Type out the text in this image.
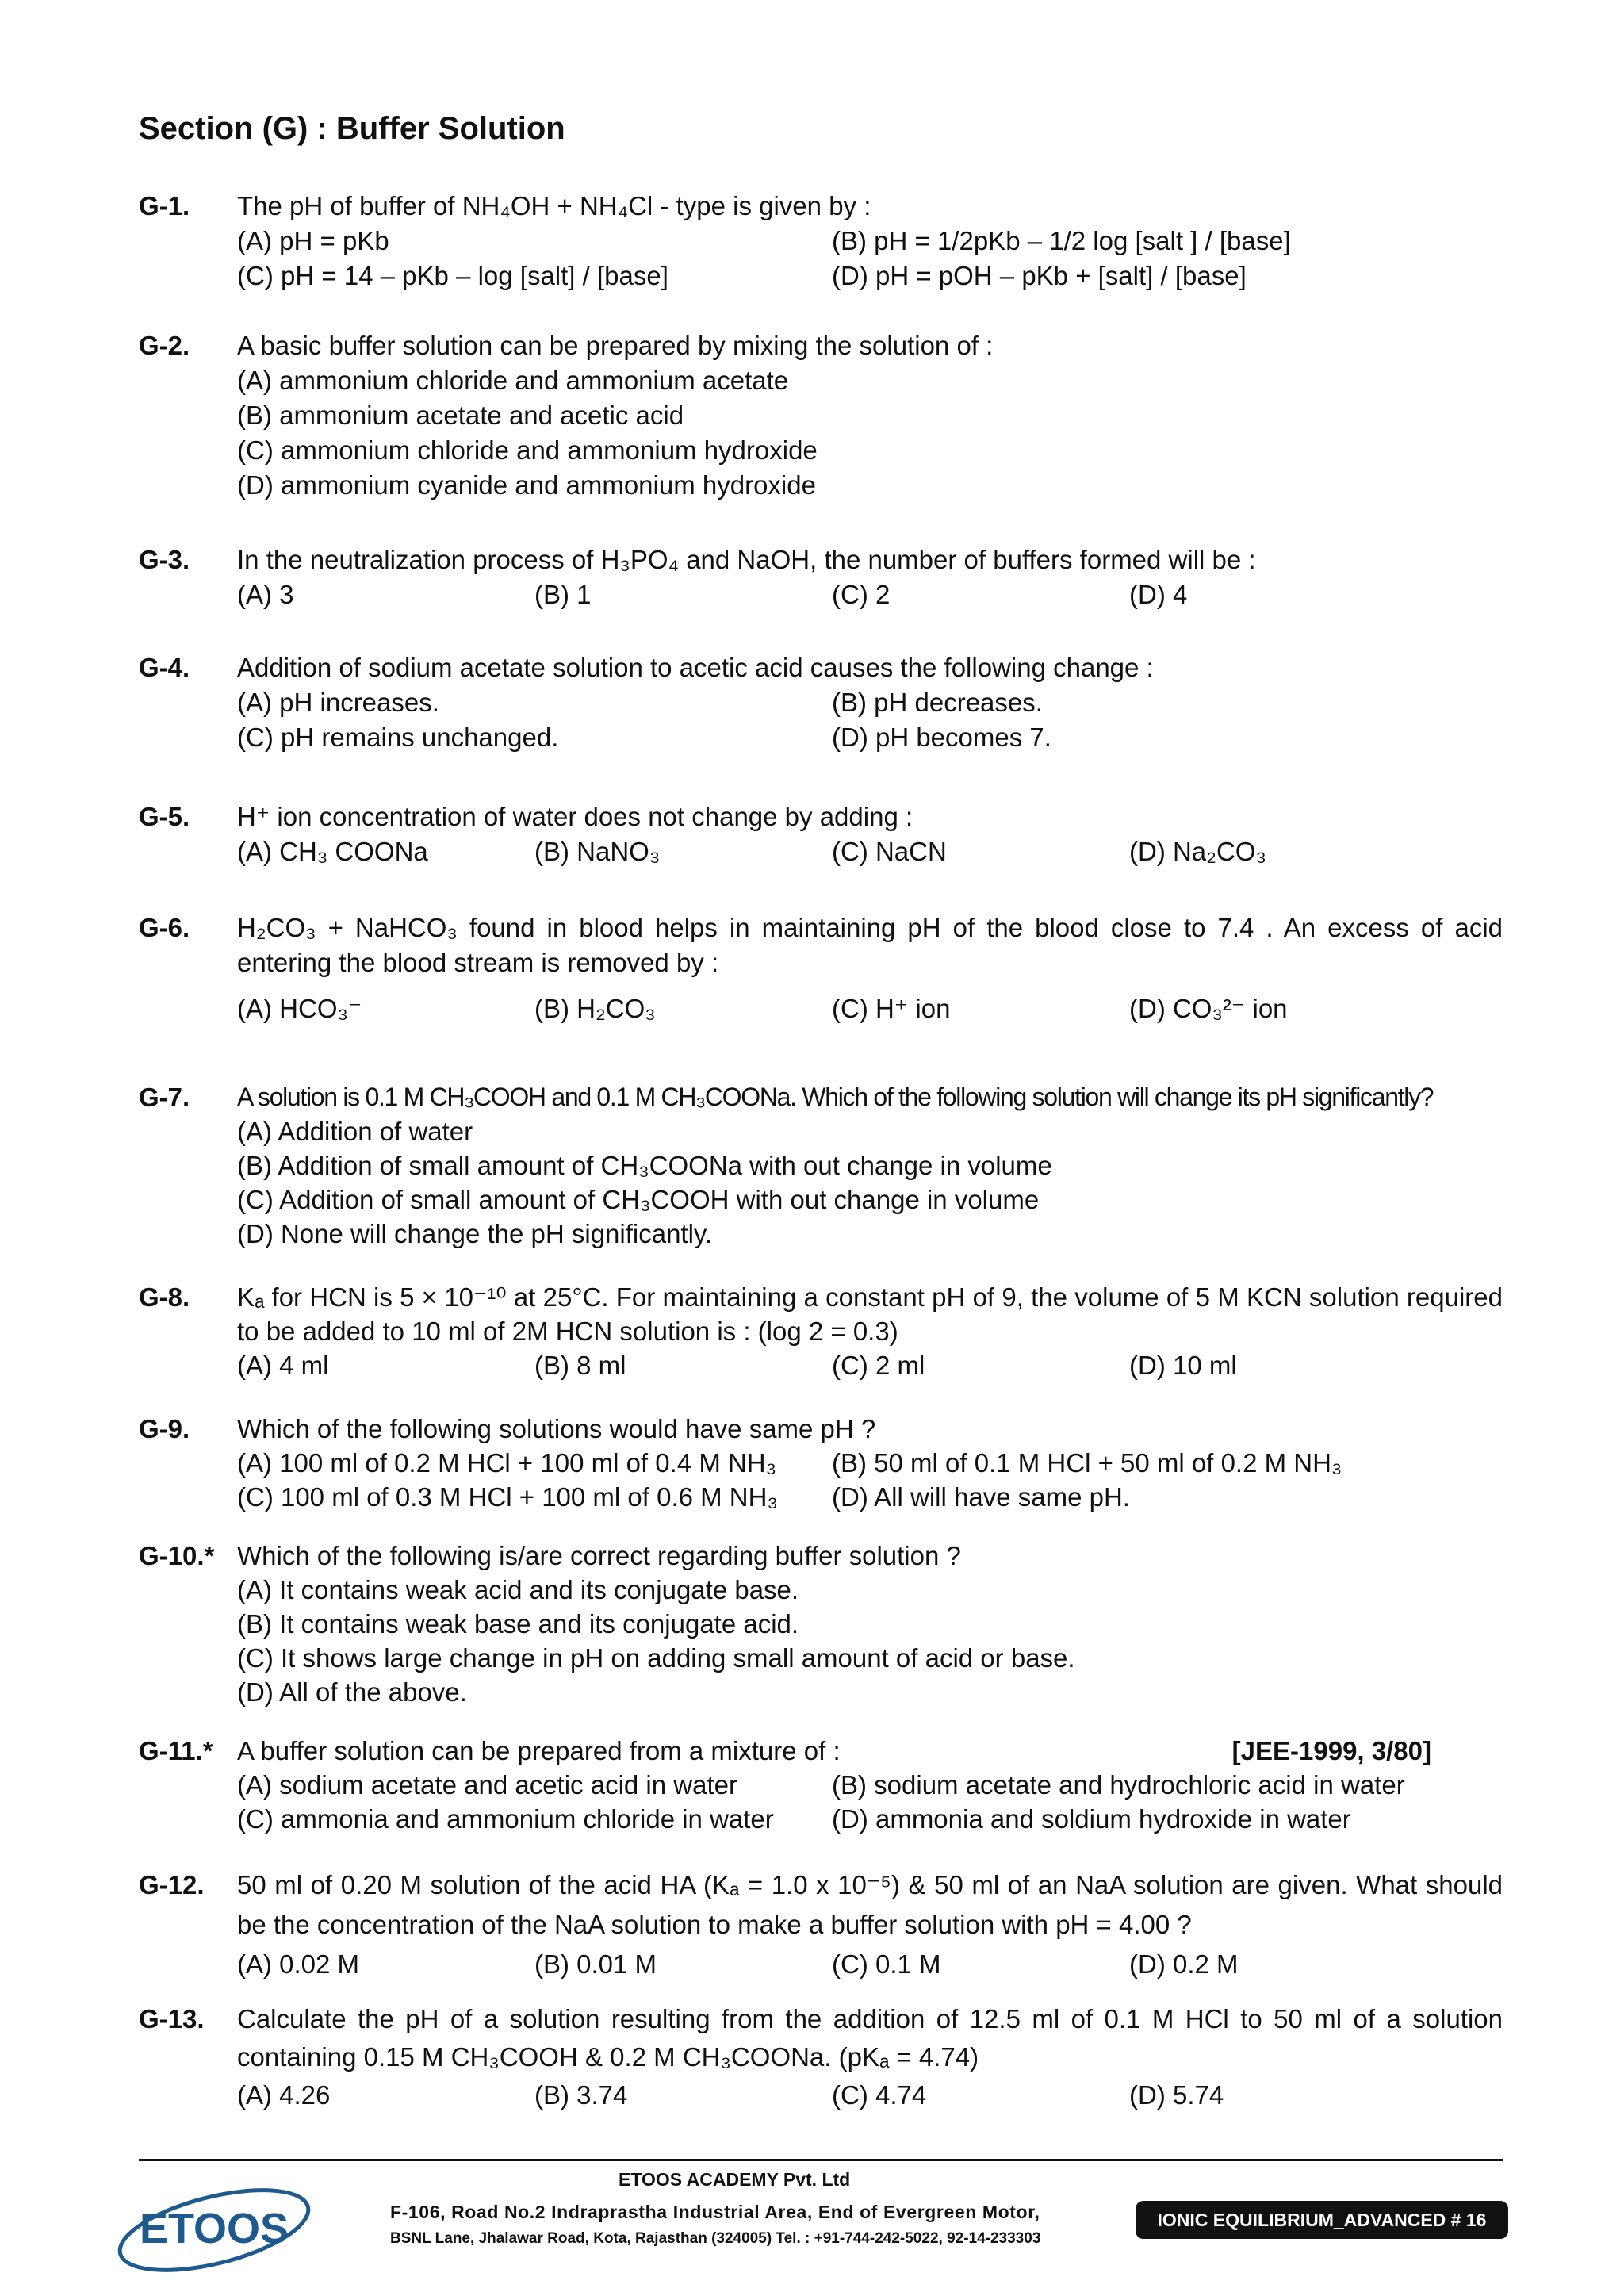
Section (G) : Buffer Solution
G-1. The pH of buffer of NH₄OH + NH₄Cl - type is given by :
(A) pH = pKb	(B) pH = 1/2pKb – 1/2 log [salt ] / [base]
(C) pH = 14 – pKb – log [salt] / [base]	(D) pH = pOH – pKb + [salt] / [base]
G-2. A basic buffer solution can be prepared by mixing the solution of :
(A) ammonium chloride and ammonium acetate
(B) ammonium acetate and acetic acid
(C) ammonium chloride and ammonium hydroxide
(D) ammonium cyanide and ammonium hydroxide
G-3. In the neutralization process of H₃PO₄ and NaOH, the number of buffers formed will be :
(A) 3	(B) 1	(C) 2	(D) 4
G-4. Addition of sodium acetate solution to acetic acid causes the following change :
(A) pH increases.	(B) pH decreases.
(C) pH remains unchanged.	(D) pH becomes 7.
G-5. H⁺ ion concentration of water does not change by adding :
(A) CH₃ COONa	(B) NaNO₃	(C) NaCN	(D) Na₂CO₃
G-6. H₂CO₃ + NaHCO₃ found in blood helps in maintaining pH of the blood close to 7.4 . An excess of acid entering the blood stream is removed by :
(A) HCO₃⁻	(B) H₂CO₃	(C) H⁺ ion	(D) CO₃²⁻ ion
G-7. A solution is 0.1 M CH₃COOH and 0.1 M CH₃COONa. Which of the following solution will change its pH significantly?
(A) Addition of water
(B) Addition of small amount of CH₃COONa with out change in volume
(C) Addition of small amount of CH₃COOH with out change in volume
(D) None will change the pH significantly.
G-8. Kₐ for HCN is 5 × 10⁻¹⁰ at 25°C. For maintaining a constant pH of 9, the volume of 5 M KCN solution required to be added to 10 ml of 2M HCN solution is : (log 2 = 0.3)
(A) 4 ml	(B) 8 ml	(C) 2 ml	(D) 10 ml
G-9. Which of the following solutions would have same pH ?
(A) 100 ml of 0.2 M HCl + 100 ml of 0.4 M NH₃	(B) 50 ml of 0.1 M HCl + 50 ml of 0.2 M NH₃
(C) 100 ml of 0.3 M HCl + 100 ml of 0.6 M NH₃	(D) All will have same pH.
G-10.* Which of the following is/are correct regarding buffer solution ?
(A) It contains weak acid and its conjugate base.
(B) It contains weak base and its conjugate acid.
(C) It shows large change in pH on adding small amount of acid or base.
(D) All of the above.
G-11.*	[JEE-1999, 3/80]
A buffer solution can be prepared from a mixture of :
(A) sodium acetate and acetic acid in water	(B) sodium acetate and hydrochloric acid in water
(C) ammonia and ammonium chloride in water	(D) ammonia and soldium hydroxide in water
G-12. 50 ml of 0.20 M solution of the acid HA (Kₐ = 1.0 x 10⁻⁵) & 50 ml of an NaA solution are given. What should be the concentration of the NaA solution to make a buffer solution with pH = 4.00 ?
(A) 0.02 M	(B) 0.01 M	(C) 0.1 M	(D) 0.2 M
G-13. Calculate the pH of a solution resulting from the addition of 12.5 ml of 0.1 M HCl to 50 ml of a solution containing 0.15 M CH₃COOH & 0.2 M CH₃COONa. (pKₐ = 4.74)
(A) 4.26	(B) 3.74	(C) 4.74	(D) 5.74
ETOOS
ETOOS ACADEMY Pvt. Ltd
F-106, Road No.2 Indraprastha Industrial Area, End of Evergreen Motor,
BSNL Lane, Jhalawar Road, Kota, Rajasthan (324005) Tel. : +91-744-242-5022, 92-14-233303
IONIC EQUILIBRIUM_ADVANCED # 16
